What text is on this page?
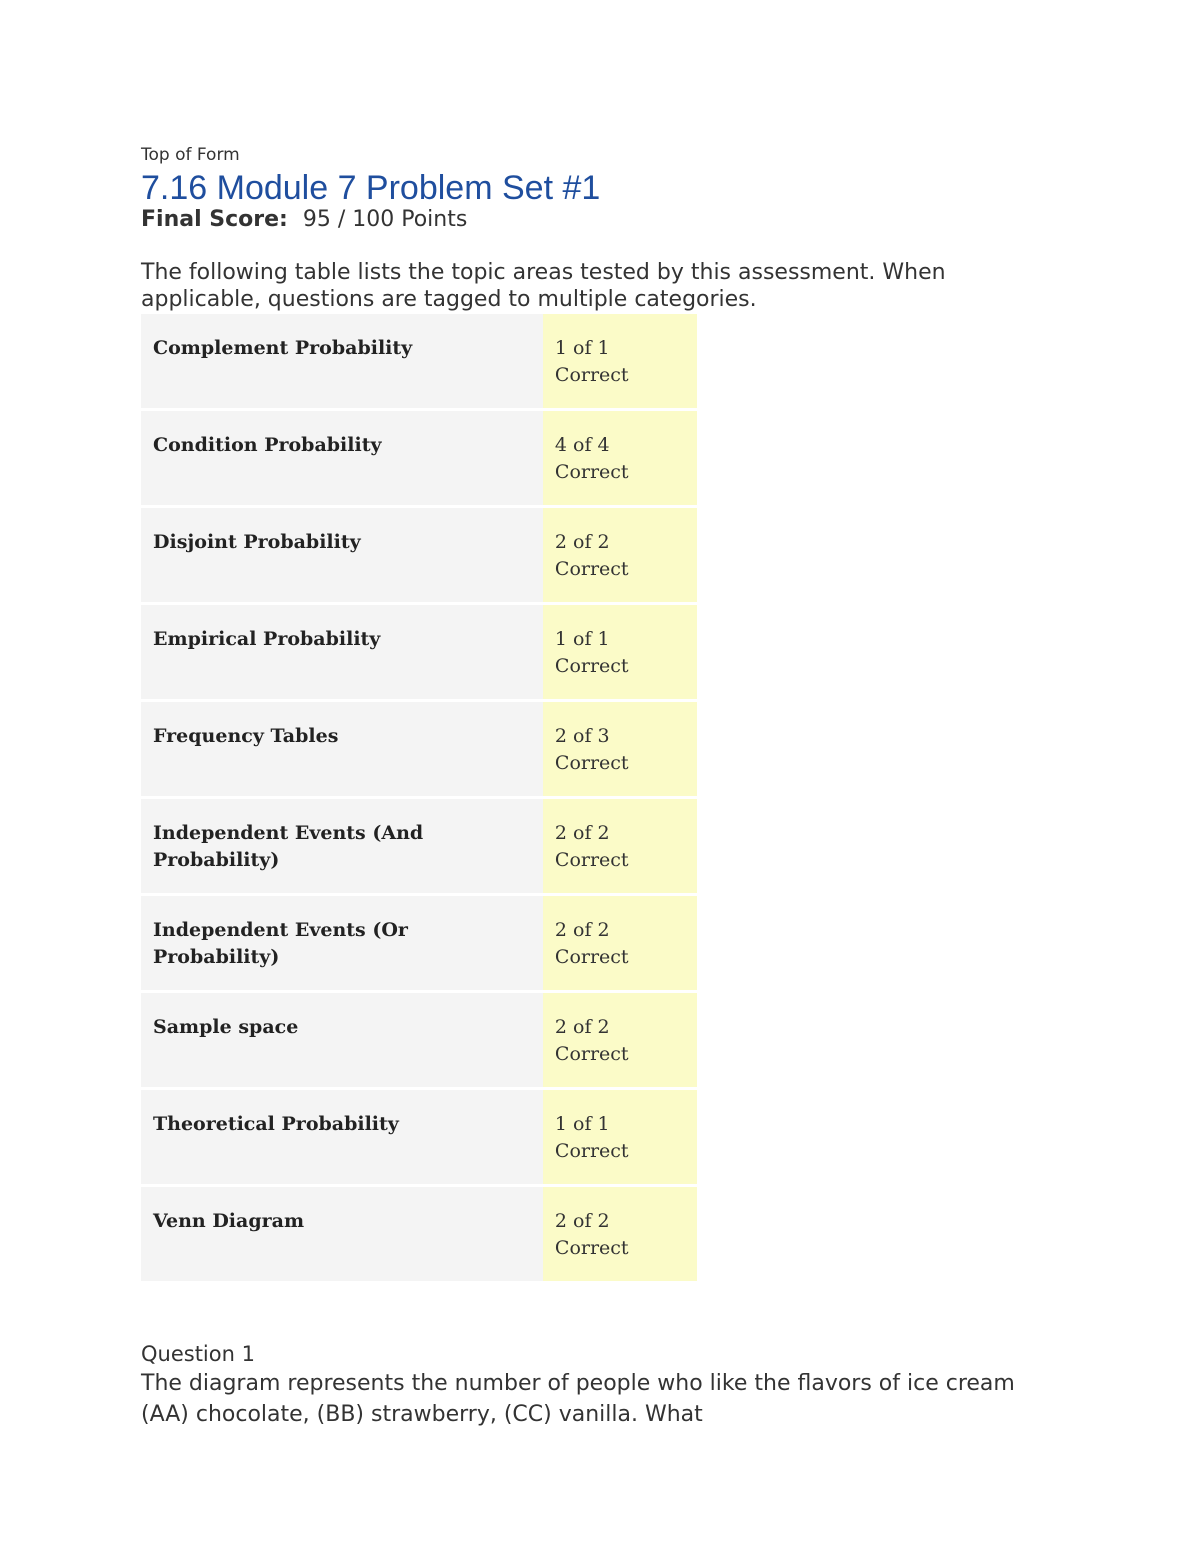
Top of Form
7.16 Module 7 Problem Set #1
Final Score: 95 / 100 Points
The following table lists the topic areas tested by this assessment. When applicable, questions are tagged to multiple categories.
Complement Probability	1 of 1 Correct
Condition Probability	4 of 4 Correct
Disjoint Probability	2 of 2 Correct
Empirical Probability	1 of 1 Correct
Frequency Tables	2 of 3 Correct
Independent Events (And Probability)	2 of 2 Correct
Independent Events (Or Probability)	2 of 2 Correct
Sample space	2 of 2 Correct
Theoretical Probability	1 of 1 Correct
Venn Diagram	2 of 2 Correct
Question 1
The diagram represents the number of people who like the flavors of ice cream (AA) chocolate, (BB) strawberry, (CC) vanilla. What
